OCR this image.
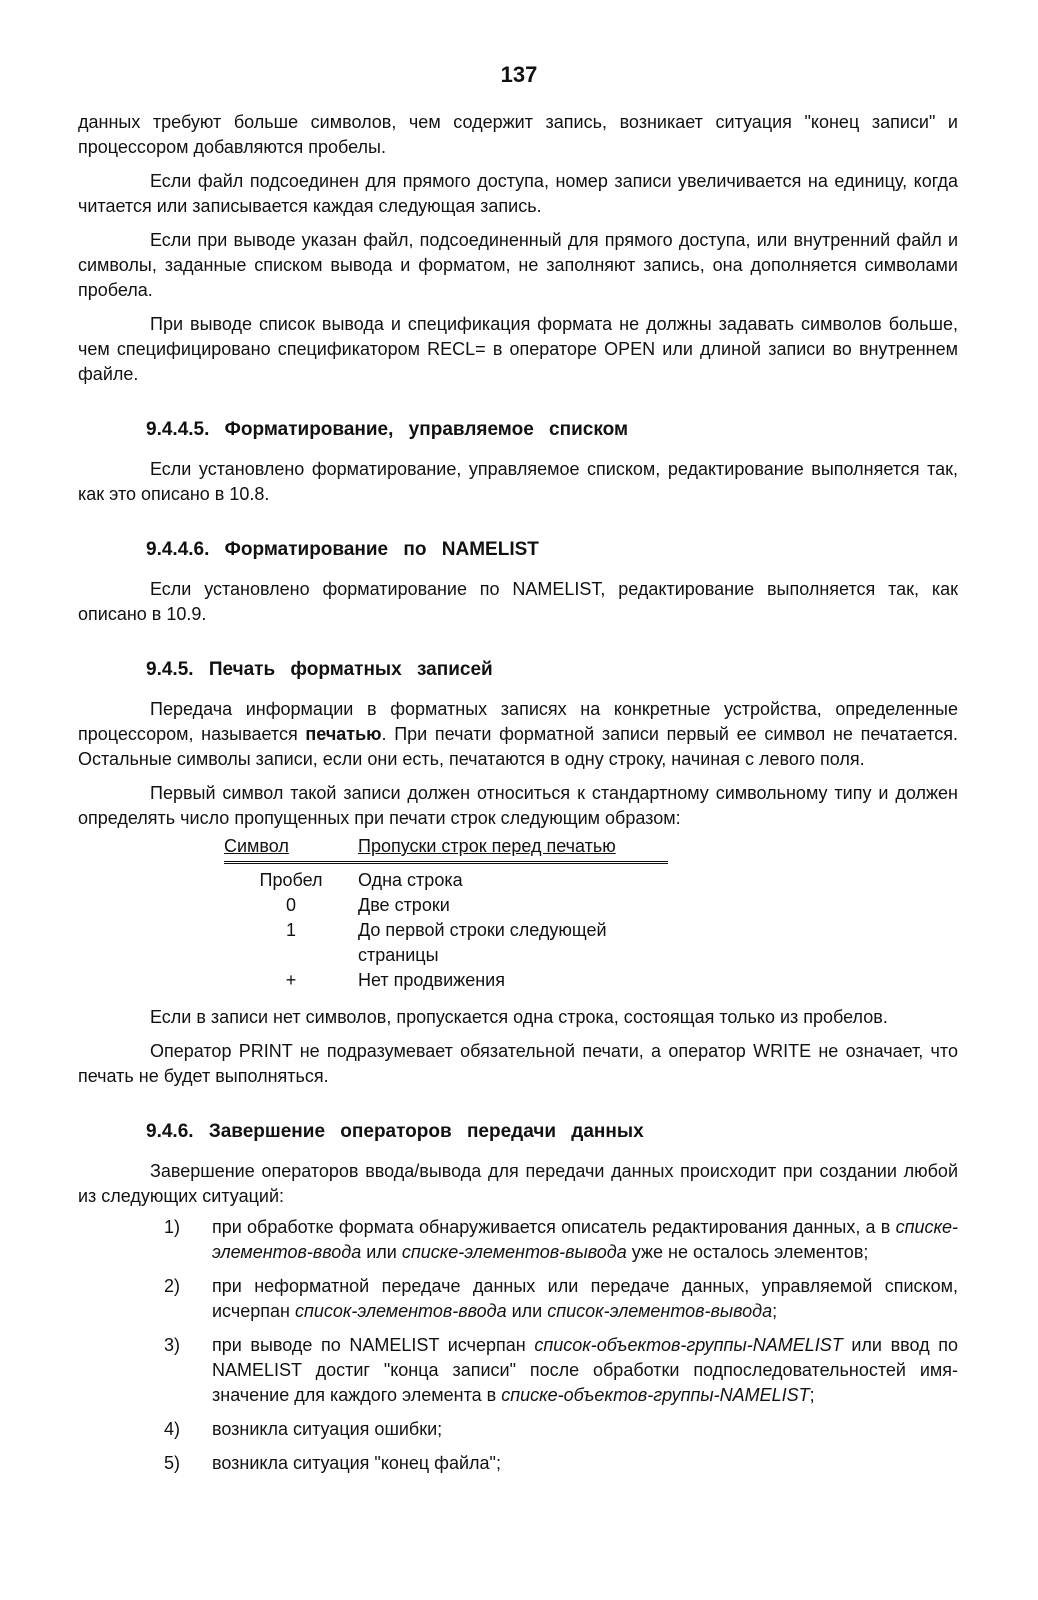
137

данных требуют больше символов, чем содержит запись, возникает ситуация "конец записи" и процессором добавляются пробелы.

Если файл подсоединен для прямого доступа, номер записи увеличивается на единицу, когда читается или записывается каждая следующая запись.

Если при выводе указан файл, подсоединенный для прямого доступа, или внутренний файл и символы, заданные списком вывода и форматом, не заполняют запись, она дополняется символами пробела.

При выводе список вывода и спецификация формата не должны задавать символов больше, чем специфицировано спецификатором RECL= в операторе OPEN или длиной записи во внутреннем файле.

9.4.4.5. Форматирование, управляемое списком

Если установлено форматирование, управляемое списком, редактирование выполняется так, как это описано в 10.8.

9.4.4.6. Форматирование по NAMELIST

Если установлено форматирование по NAMELIST, редактирование выполняется так, как описано в 10.9.

9.4.5. Печать форматных записей

Передача информации в форматных записях на конкретные устройства, определенные процессором, называется печатью. При печати форматной записи первый ее символ не печатается. Остальные символы записи, если они есть, печатаются в одну строку, начиная с левого поля.

Первый символ такой записи должен относиться к стандартному символьному типу и должен определять число пропущенных при печати строк следующим образом:

Символ	Пропуски строк перед печатью
Пробел	Одна строка
0	Две строки
1	До первой строки следующей страницы
+	Нет продвижения

Если в записи нет символов, пропускается одна строка, состоящая только из пробелов.

Оператор PRINT не подразумевает обязательной печати, а оператор WRITE не означает, что печать не будет выполняться.

9.4.6. Завершение операторов передачи данных

Завершение операторов ввода/вывода для передачи данных происходит при создании любой из следующих ситуаций:

1)	при обработке формата обнаруживается описатель редактирования данных, а в списке-элементов-ввода или списке-элементов-вывода уже не осталось элементов;
2)	при неформатной передаче данных или передаче данных, управляемой списком, исчерпан список-элементов-ввода или список-элементов-вывода;
3)	при выводе по NAMELIST исчерпан список-объектов-группы-NAMELIST или ввод по NAMELIST достиг "конца записи" после обработки подпоследовательностей имя-значение для каждого элемента в списке-объектов-группы-NAMELIST;
4)	возникла ситуация ошибки;
5)	возникла ситуация "конец файла";
